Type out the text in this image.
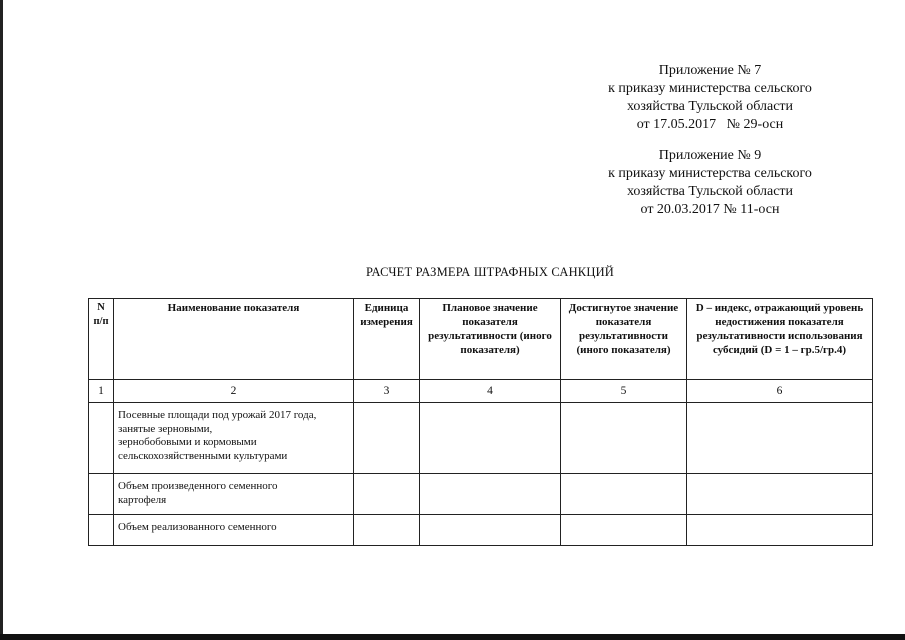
Приложение № 7
к приказу министерства сельского
хозяйства Тульской области
от 17.05.2017   № 29-осн
Приложение № 9
к приказу министерства сельского
хозяйства Тульской области
от 20.03.2017 № 11-осн
РАСЧЕТ РАЗМЕРА ШТРАФНЫХ САНКЦИЙ
N п/п	Наименование показателя	Единица измерения	Плановое значение показателя результативности (иного показателя)	Достигнутое значение показателя результативности (иного показателя)	D – индекс, отражающий уровень недостижения показателя результативности использования субсидий (D = 1 – гр.5/гр.4)
1	2	3	4	5	6

	Посевные площади под урожай 2017 года,
занятые зерновыми,
зернобобовыми и кормовыми
сельскохозяйственными культурами				

	Объем произведенного семенного
картофеля				

	Объем реализованного семенного				
